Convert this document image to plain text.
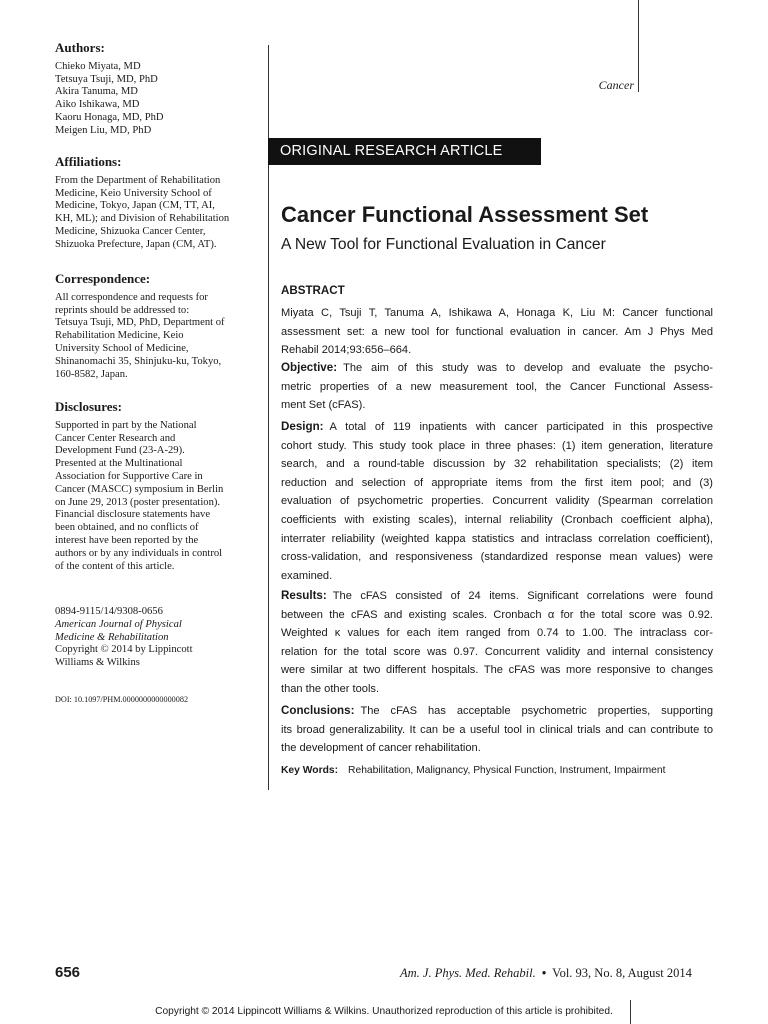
Authors:
Chieko Miyata, MD
Tetsuya Tsuji, MD, PhD
Akira Tanuma, MD
Aiko Ishikawa, MD
Kaoru Honaga, MD, PhD
Meigen Liu, MD, PhD
Affiliations:
From the Department of Rehabilitation
Medicine, Keio University School of
Medicine, Tokyo, Japan (CM, TT, AI,
KH, ML); and Division of Rehabilitation
Medicine, Shizuoka Cancer Center,
Shizuoka Prefecture, Japan (CM, AT).
Correspondence:
All correspondence and requests for
reprints should be addressed to:
Tetsuya Tsuji, MD, PhD, Department of
Rehabilitation Medicine, Keio
University School of Medicine,
Shinanomachi 35, Shinjuku-ku, Tokyo,
160-8582, Japan.
Disclosures:
Supported in part by the National
Cancer Center Research and
Development Fund (23-A-29).
Presented at the Multinational
Association for Supportive Care in
Cancer (MASCC) symposium in Berlin
on June 29, 2013 (poster presentation).
Financial disclosure statements have
been obtained, and no conflicts of
interest have been reported by the
authors or by any individuals in control
of the content of this article.
0894-9115/14/9308-0656
American Journal of Physical
Medicine & Rehabilitation
Copyright © 2014 by Lippincott
Williams & Wilkins
DOI: 10.1097/PHM.0000000000000082
Cancer
ORIGINAL RESEARCH ARTICLE
Cancer Functional Assessment Set
A New Tool for Functional Evaluation in Cancer
ABSTRACT
Miyata C, Tsuji T, Tanuma A, Ishikawa A, Honaga K, Liu M: Cancer functional
assessment set: a new tool for functional evaluation in cancer. Am J Phys Med
Rehabil 2014;93:656–664.
Objective: The aim of this study was to develop and evaluate the psycho-
metric properties of a new measurement tool, the Cancer Functional Assess-
ment Set (cFAS).
Design: A total of 119 inpatients with cancer participated in this prospective
cohort study. This study took place in three phases: (1) item generation, literature
search, and a round-table discussion by 32 rehabilitation specialists; (2) item
reduction and selection of appropriate items from the first item pool; and (3)
evaluation of psychometric properties. Concurrent validity (Spearman correlation
coefficients with existing scales), internal reliability (Cronbach coefficient alpha),
interrater reliability (weighted kappa statistics and intraclass correlation coefficient),
cross-validation, and responsiveness (standardized response mean values) were
examined.
Results: The cFAS consisted of 24 items. Significant correlations were found
between the cFAS and existing scales. Cronbach α for the total score was 0.92.
Weighted κ values for each item ranged from 0.74 to 1.00. The intraclass cor-
relation for the total score was 0.97. Concurrent validity and internal consistency
were similar at two different hospitals. The cFAS was more responsive to changes
than the other tools.
Conclusions: The cFAS has acceptable psychometric properties, supporting
its broad generalizability. It can be a useful tool in clinical trials and can contribute to
the development of cancer rehabilitation.
Key Words: Rehabilitation, Malignancy, Physical Function, Instrument, Impairment
656	Am. J. Phys. Med. Rehabil. • Vol. 93, No. 8, August 2014
Copyright © 2014 Lippincott Williams & Wilkins. Unauthorized reproduction of this article is prohibited.
